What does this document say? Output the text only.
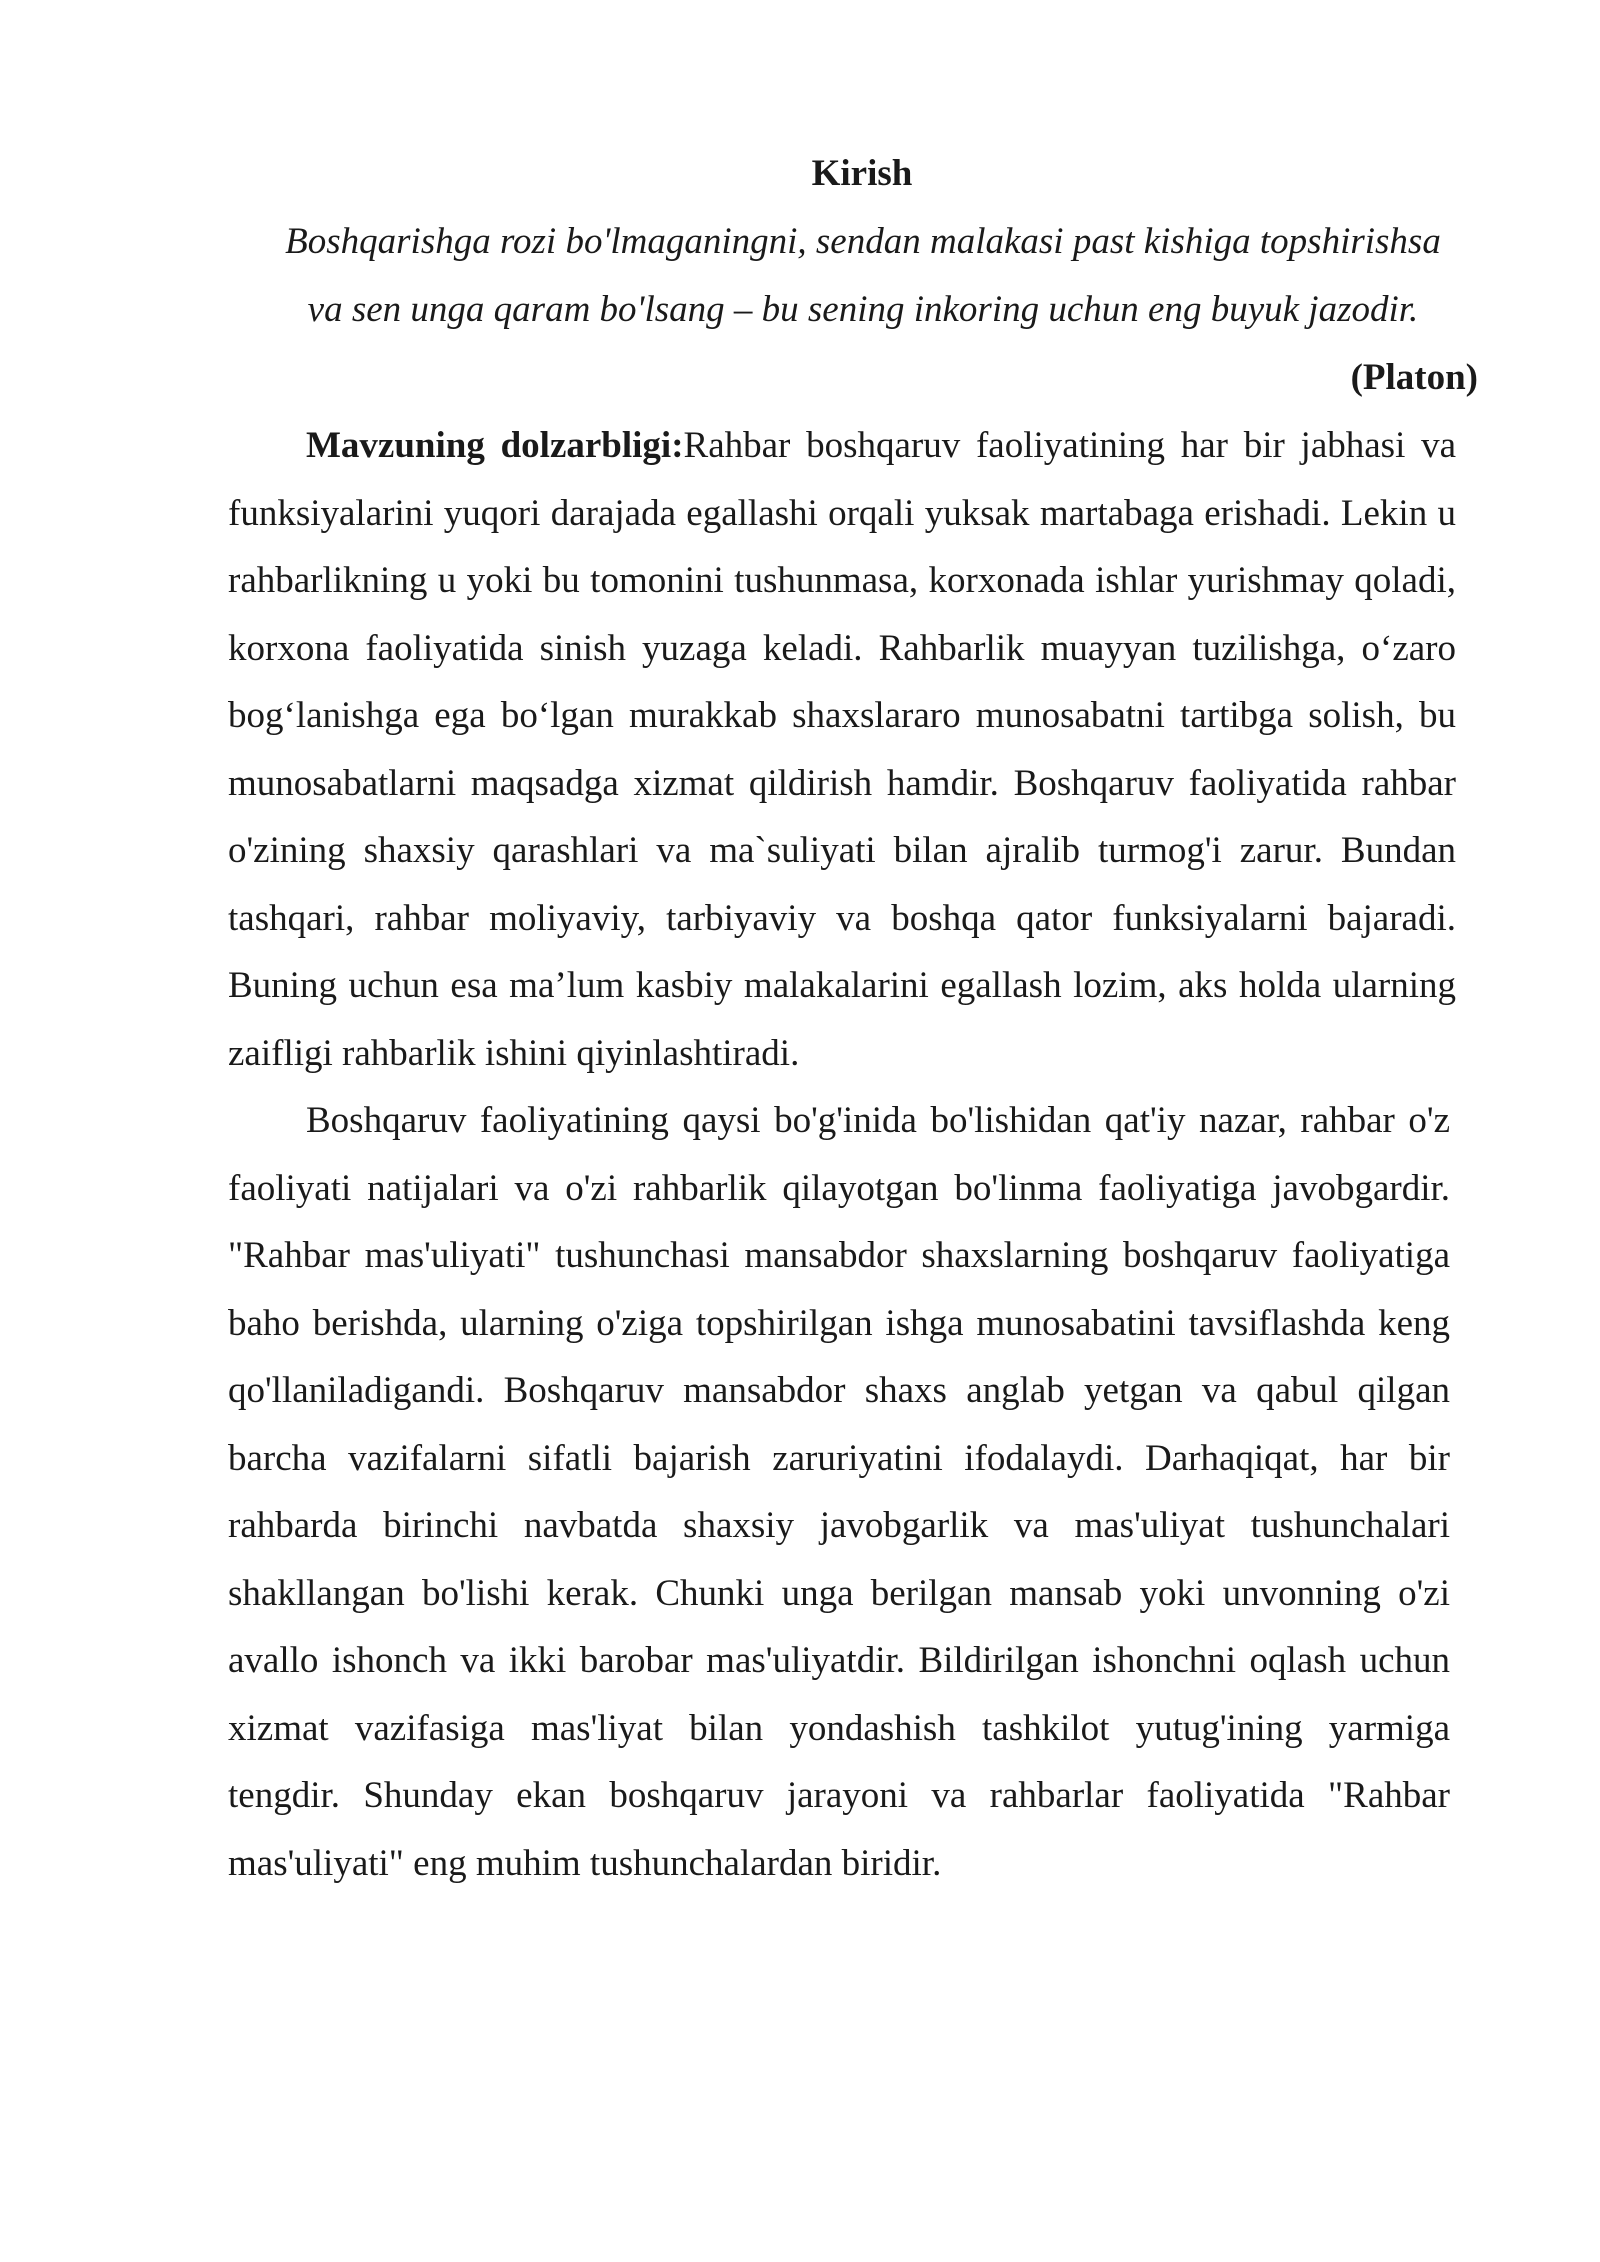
Kirish

Boshqarishga rozi bo'lmaganingni, sendan malakasi past kishiga topshirishsa

va sen unga qaram bo'lsang – bu sening inkoring uchun eng buyuk jazodir.

(Platon)

Mavzuning dolzarbligi:Rahbar boshqaruv faoliyatining har bir jabhasi va funksiyalarini yuqori darajada egallashi orqali yuksak martabaga erishadi. Lekin u rahbarlikning u yoki bu tomonini tushunmasa, korxonada ishlar yurishmay qoladi, korxona faoliyatida sinish yuzaga keladi. Rahbarlik muayyan tuzilishga, o‘zaro bog‘lanishga ega bo‘lgan murakkab shaxslararo munosabatni tartibga solish, bu munosabatlarni maqsadga xizmat qildirish hamdir. Boshqaruv faoliyatida rahbar o'zining shaxsiy qarashlari va ma`suliyati bilan ajralib turmog'i zarur. Bundan tashqari, rahbar moliyaviy, tarbiyaviy va boshqa qator funksiyalarni bajaradi. Buning uchun esa ma’lum kasbiy malakalarini egallash lozim, aks holda ularning zaifligi rahbarlik ishini qiyinlashtiradi.

Boshqaruv faoliyatining qaysi bo'g'inida bo'lishidan qat'iy nazar, rahbar o'z faoliyati natijalari va o'zi rahbarlik qilayotgan bo'linma faoliyatiga javobgardir. "Rahbar mas'uliyati" tushunchasi mansabdor shaxslarning boshqaruv faoliyatiga baho berishda, ularning o'ziga topshirilgan ishga munosabatini tavsiflashda keng qo'llaniladigandi. Boshqaruv mansabdor shaxs anglab yetgan va qabul qilgan barcha vazifalarni sifatli bajarish zaruriyatini ifodalaydi. Darhaqiqat, har bir rahbarda birinchi navbatda shaxsiy javobgarlik va mas'uliyat tushunchalari shakllangan bo'lishi kerak. Chunki unga berilgan mansab yoki unvonning o'zi avallo ishonch va ikki barobar mas'uliyatdir. Bildirilgan ishonchni oqlash uchun xizmat vazifasiga mas'liyat bilan yondashish tashkilot yutug'ining yarmiga tengdir. Shunday ekan boshqaruv jarayoni va rahbarlar faoliyatida "Rahbar mas'uliyati" eng muhim tushunchalardan biridir.
